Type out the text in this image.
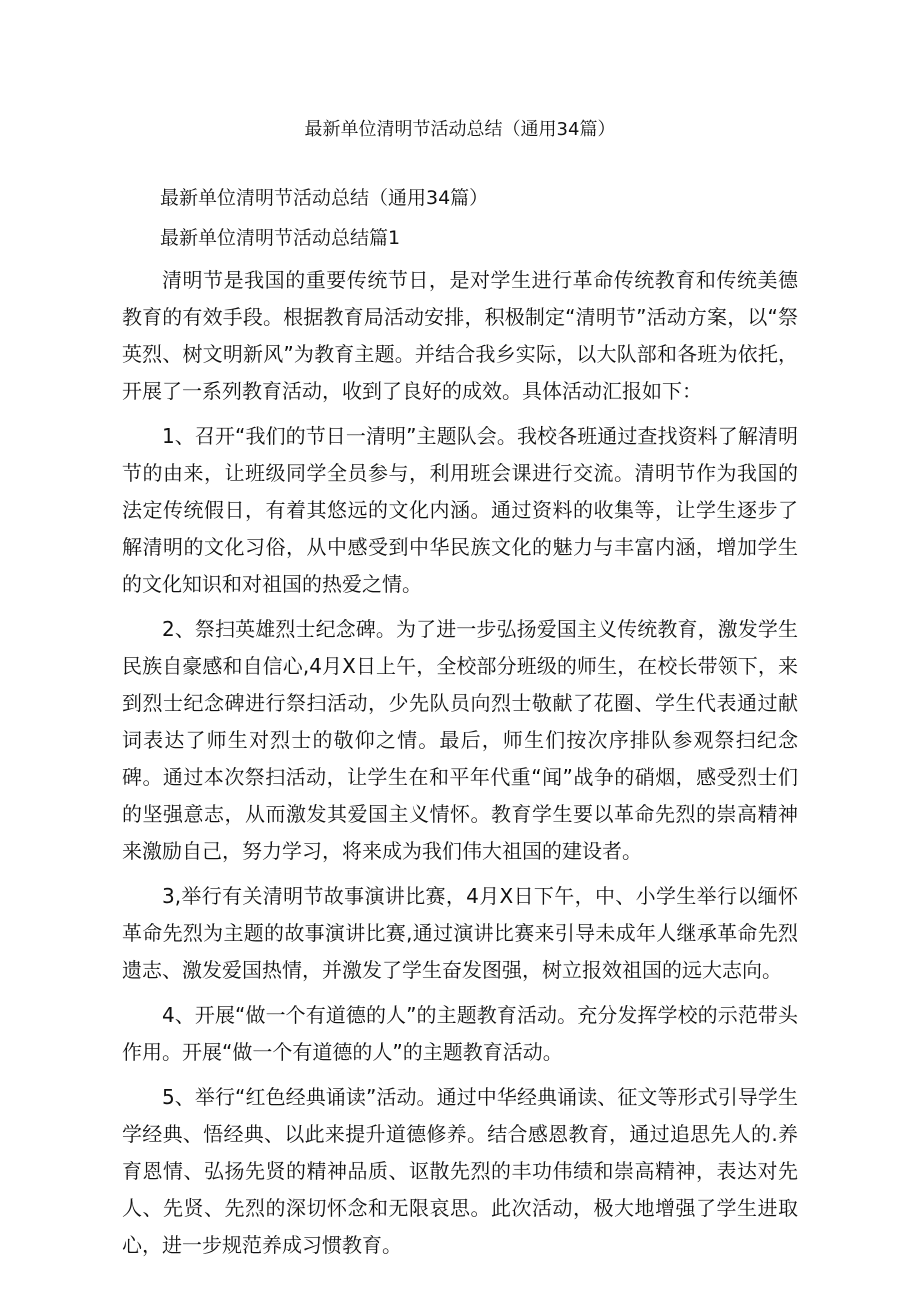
最新单位清明节活动总结（通用34篇）

最新单位清明节活动总结（通用34篇）

最新单位清明节活动总结篇1

清明节是我国的重要传统节日，是对学生进行革命传统教育和传统美德教育的有效手段。根据教育局活动安排，积极制定“清明节”活动方案，以“祭英烈、树文明新风”为教育主题。并结合我乡实际，以大队部和各班为依托，开展了一系列教育活动，收到了良好的成效。具体活动汇报如下：

1、召开“我们的节日一清明”主题队会。我校各班通过查找资料了解清明节的由来，让班级同学全员参与，利用班会课进行交流。清明节作为我国的法定传统假日，有着其悠远的文化内涵。通过资料的收集等，让学生逐步了解清明的文化习俗，从中感受到中华民族文化的魅力与丰富内涵，增加学生的文化知识和对祖国的热爱之情。

2、祭扫英雄烈士纪念碑。为了进一步弘扬爱国主义传统教育，激发学生民族自豪感和自信心,4月X日上午，全校部分班级的师生，在校长带领下，来到烈士纪念碑进行祭扫活动，少先队员向烈士敬献了花圈、学生代表通过献词表达了师生对烈士的敬仰之情。最后，师生们按次序排队参观祭扫纪念碑。通过本次祭扫活动，让学生在和平年代重“闻”战争的硝烟，感受烈士们的坚强意志，从而激发其爱国主义情怀。教育学生要以革命先烈的崇高精神来激励自己，努力学习，将来成为我们伟大祖国的建设者。

3,举行有关清明节故事演讲比赛，4月X日下午，中、小学生举行以缅怀革命先烈为主题的故事演讲比赛,通过演讲比赛来引导未成年人继承革命先烈遗志、激发爱国热情，并激发了学生奋发图强，树立报效祖国的远大志向。

4、开展“做一个有道德的人”的主题教育活动。充分发挥学校的示范带头作用。开展“做一个有道德的人”的主题教育活动。

5、举行“红色经典诵读”活动。通过中华经典诵读、征文等形式引导学生学经典、悟经典、以此来提升道德修养。结合感恩教育，通过追思先人的.养育恩情、弘扬先贤的精神品质、讴散先烈的丰功伟绩和崇高精神，表达对先人、先贤、先烈的深切怀念和无限哀思。此次活动，极大地增强了学生进取心，进一步规范养成习惯教育。
